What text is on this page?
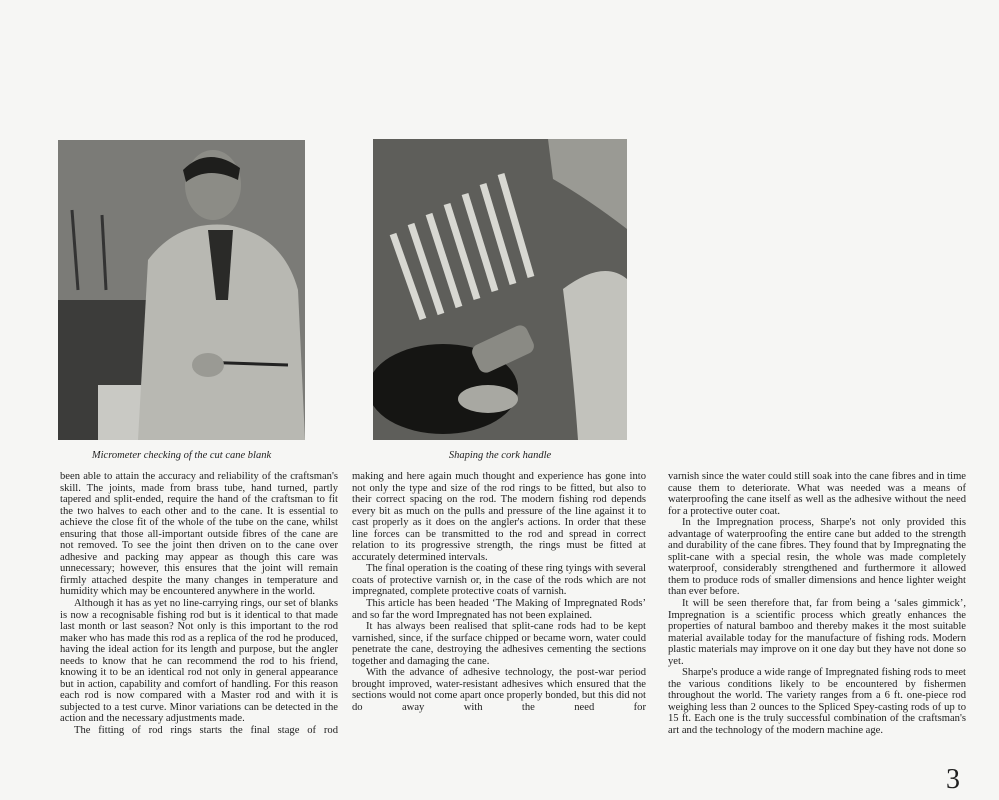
Micrometer checking of the cut cane blank	Shaping the cork handle

been able to attain the accuracy and reliability of the craftsman's skill. The joints, made from brass tube, hand turned, partly tapered and split-ended, require the hand of the craftsman to fit the two halves to each other and to the cane. It is essential to achieve the close fit of the whole of the tube on the cane, whilst ensuring that those all-important outside fibres of the cane are not removed. To see the joint then driven on to the cane over adhesive and packing may appear as though this care was unnecessary; however, this ensures that the joint will remain firmly attached despite the many changes in temperature and humidity which may be encountered anywhere in the world.

Although it has as yet no line-carrying rings, our set of blanks is now a recognisable fishing rod but is it identical to that made last month or last season? Not only is this important to the rod maker who has made this rod as a replica of the rod he produced, having the ideal action for its length and purpose, but the angler needs to know that he can recommend the rod to his friend, knowing it to be an identical rod not only in general appearance but in action, capability and comfort of handling. For this reason each rod is now compared with a Master rod and with it is subjected to a test curve. Minor variations can be detected in the action and the necessary adjustments made.

The fitting of rod rings starts the final stage of rod

making and here again much thought and experience has gone into not only the type and size of the rod rings to be fitted, but also to their correct spacing on the rod. The modern fishing rod depends every bit as much on the pulls and pressure of the line against it to cast properly as it does on the angler's actions. In order that these line forces can be transmitted to the rod and spread in correct relation to its progressive strength, the rings must be fitted at accurately determined intervals.

The final operation is the coating of these ring tyings with several coats of protective varnish or, in the case of the rods which are not impregnated, complete protective coats of varnish.

This article has been headed ‘The Making of Impregnated Rods’ and so far the word Impregnated has not been explained.

It has always been realised that split-cane rods had to be kept varnished, since, if the surface chipped or became worn, water could penetrate the cane, destroying the adhesives cementing the sections together and damaging the cane.

With the advance of adhesive technology, the post-war period brought improved, water-resistant adhesives which ensured that the sections would not come apart once properly bonded, but this did not do away with the need for

varnish since the water could still soak into the cane fibres and in time cause them to deteriorate. What was needed was a means of waterproofing the cane itself as well as the adhesive without the need for a protective outer coat.

In the Impregnation process, Sharpe's not only provided this advantage of waterproofing the entire cane but added to the strength and durability of the cane fibres. They found that by Impregnating the split-cane with a special resin, the whole was made completely waterproof, considerably strengthened and furthermore it allowed them to produce rods of smaller dimensions and hence lighter weight than ever before.

It will be seen therefore that, far from being a ‘sales gimmick’, Impregnation is a scientific process which greatly enhances the properties of natural bamboo and thereby makes it the most suitable material available today for the manufacture of fishing rods. Modern plastic materials may improve on it one day but they have not done so yet.

Sharpe's produce a wide range of Impregnated fishing rods to meet the various conditions likely to be encountered by fishermen throughout the world. The variety ranges from a 6 ft. one-piece rod weighing less than 2 ounces to the Spliced Spey-casting rods of up to 15 ft. Each one is the truly successful combination of the craftsman's art and the technology of the modern machine age.

3
